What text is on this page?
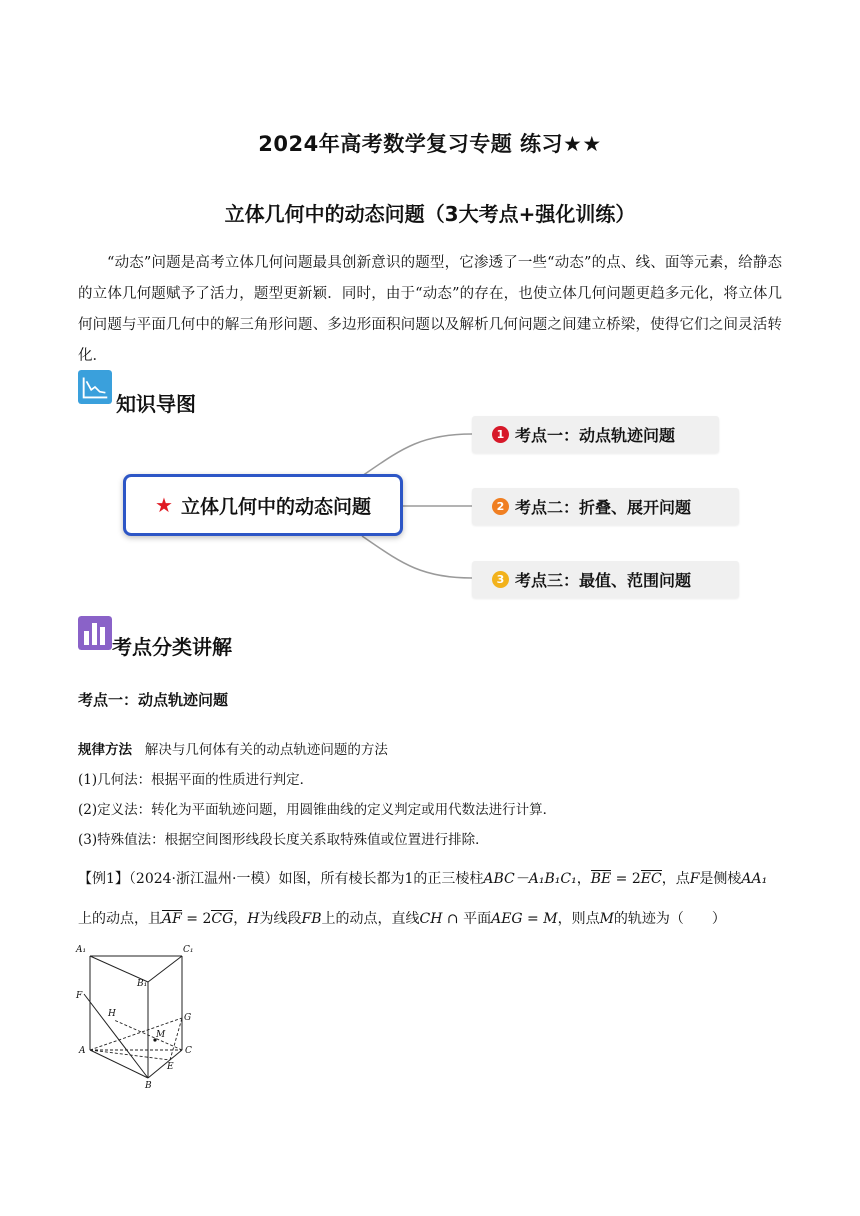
2024年高考数学复习专题 练习★★
立体几何中的动态问题（3大考点+强化训练）

“动态”问题是高考立体几何问题最具创新意识的题型，它渗透了一些“动态”的点、线、面等元素，给静态的立体几何题赋予了活力，题型更新颖．同时，由于“动态”的存在，也使立体几何问题更趋多元化，将立体几何问题与平面几何中的解三角形问题、多边形面积问题以及解析几何问题之间建立桥梁，使得它们之间灵活转化．

知识导图
★ 立体几何中的动态问题
1 考点一：动点轨迹问题
2 考点二：折叠、展开问题
3 考点三：最值、范围问题
考点分类讲解
考点一：动点轨迹问题
规律方法 解决与几何体有关的动点轨迹问题的方法
(1)几何法：根据平面的性质进行判定．
(2)定义法：转化为平面轨迹问题，用圆锥曲线的定义判定或用代数法进行计算．
(3)特殊值法：根据空间图形线段长度关系取特殊值或位置进行排除．
【例1】（2024·浙江温州·一模）如图，所有棱长都为1的正三棱柱ABC－A₁B₁C₁，BE = 2EC，点F是侧棱AA₁
上的动点，且AF = 2CG，H为线段FB上的动点，直线CH ∩ 平面AEG = M，则点M的轨迹为（　　）
A₁	C₁
B₁
F
H	G
M
A	C
E
B
